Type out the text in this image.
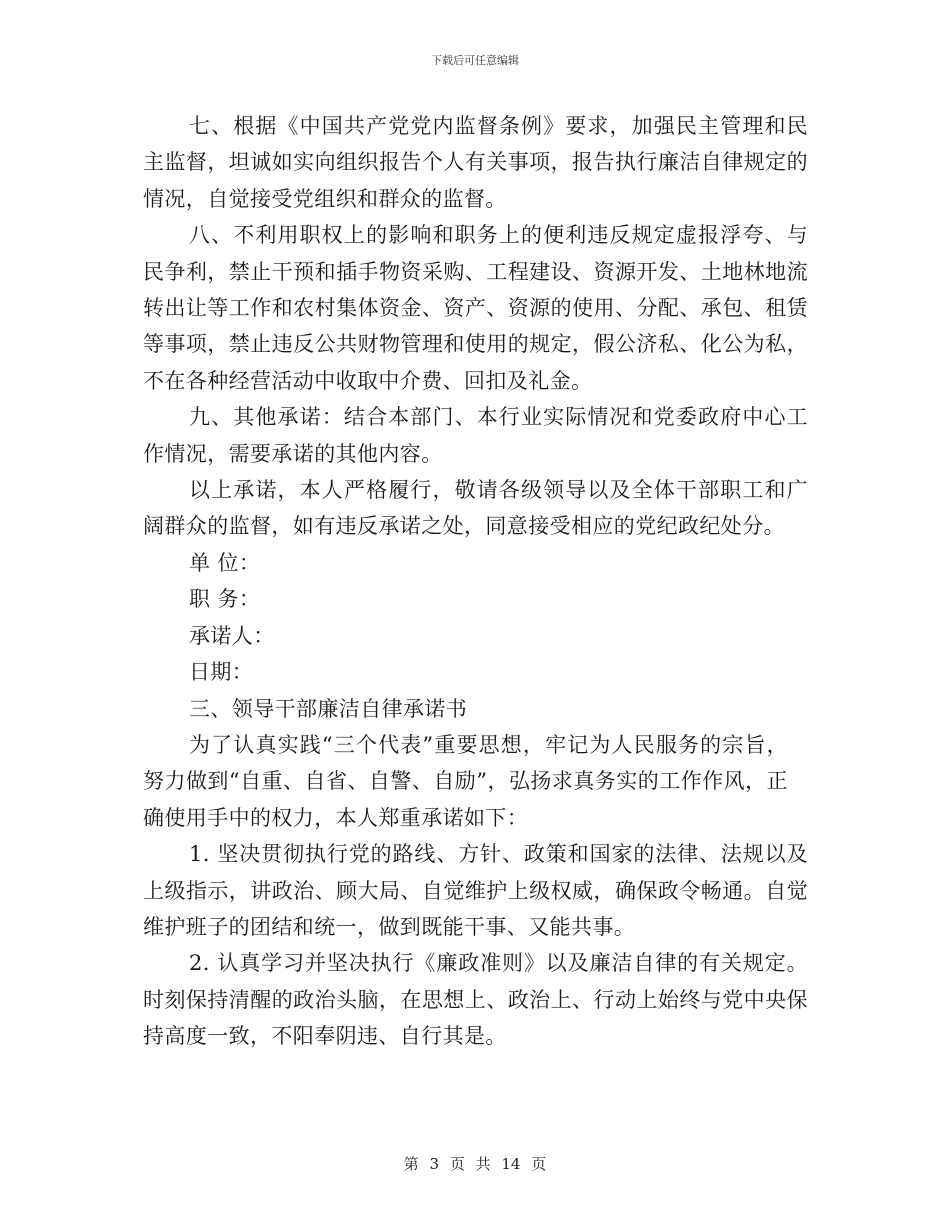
下载后可任意编辑

七、根据《中国共产党党内监督条例》要求，加强民主管理和民主监督，坦诚如实向组织报告个人有关事项，报告执行廉洁自律规定的情况，自觉接受党组织和群众的监督。

八、不利用职权上的影响和职务上的便利违反规定虚报浮夸、与民争利，禁止干预和插手物资采购、工程建设、资源开发、土地林地流转出让等工作和农村集体资金、资产、资源的使用、分配、承包、租赁等事项，禁止违反公共财物管理和使用的规定，假公济私、化公为私，不在各种经营活动中收取中介费、回扣及礼金。

九、其他承诺：结合本部门、本行业实际情况和党委政府中心工作情况，需要承诺的其他内容。

以上承诺，本人严格履行，敬请各级领导以及全体干部职工和广阔群众的监督，如有违反承诺之处，同意接受相应的党纪政纪处分。

单 位：

职 务：

承诺人：

日期：

三、领导干部廉洁自律承诺书

为了认真实践“三个代表”重要思想，牢记为人民服务的宗旨，努力做到“自重、自省、自警、自励”，弘扬求真务实的工作作风，正确使用手中的权力，本人郑重承诺如下：

1. 坚决贯彻执行党的路线、方针、政策和国家的法律、法规以及上级指示，讲政治、顾大局、自觉维护上级权威，确保政令畅通。自觉维护班子的团结和统一，做到既能干事、又能共事。

2. 认真学习并坚决执行《廉政准则》以及廉洁自律的有关规定。时刻保持清醒的政治头脑，在思想上、政治上、行动上始终与党中央保持高度一致，不阳奉阴违、自行其是。

第 3 页 共 14 页
